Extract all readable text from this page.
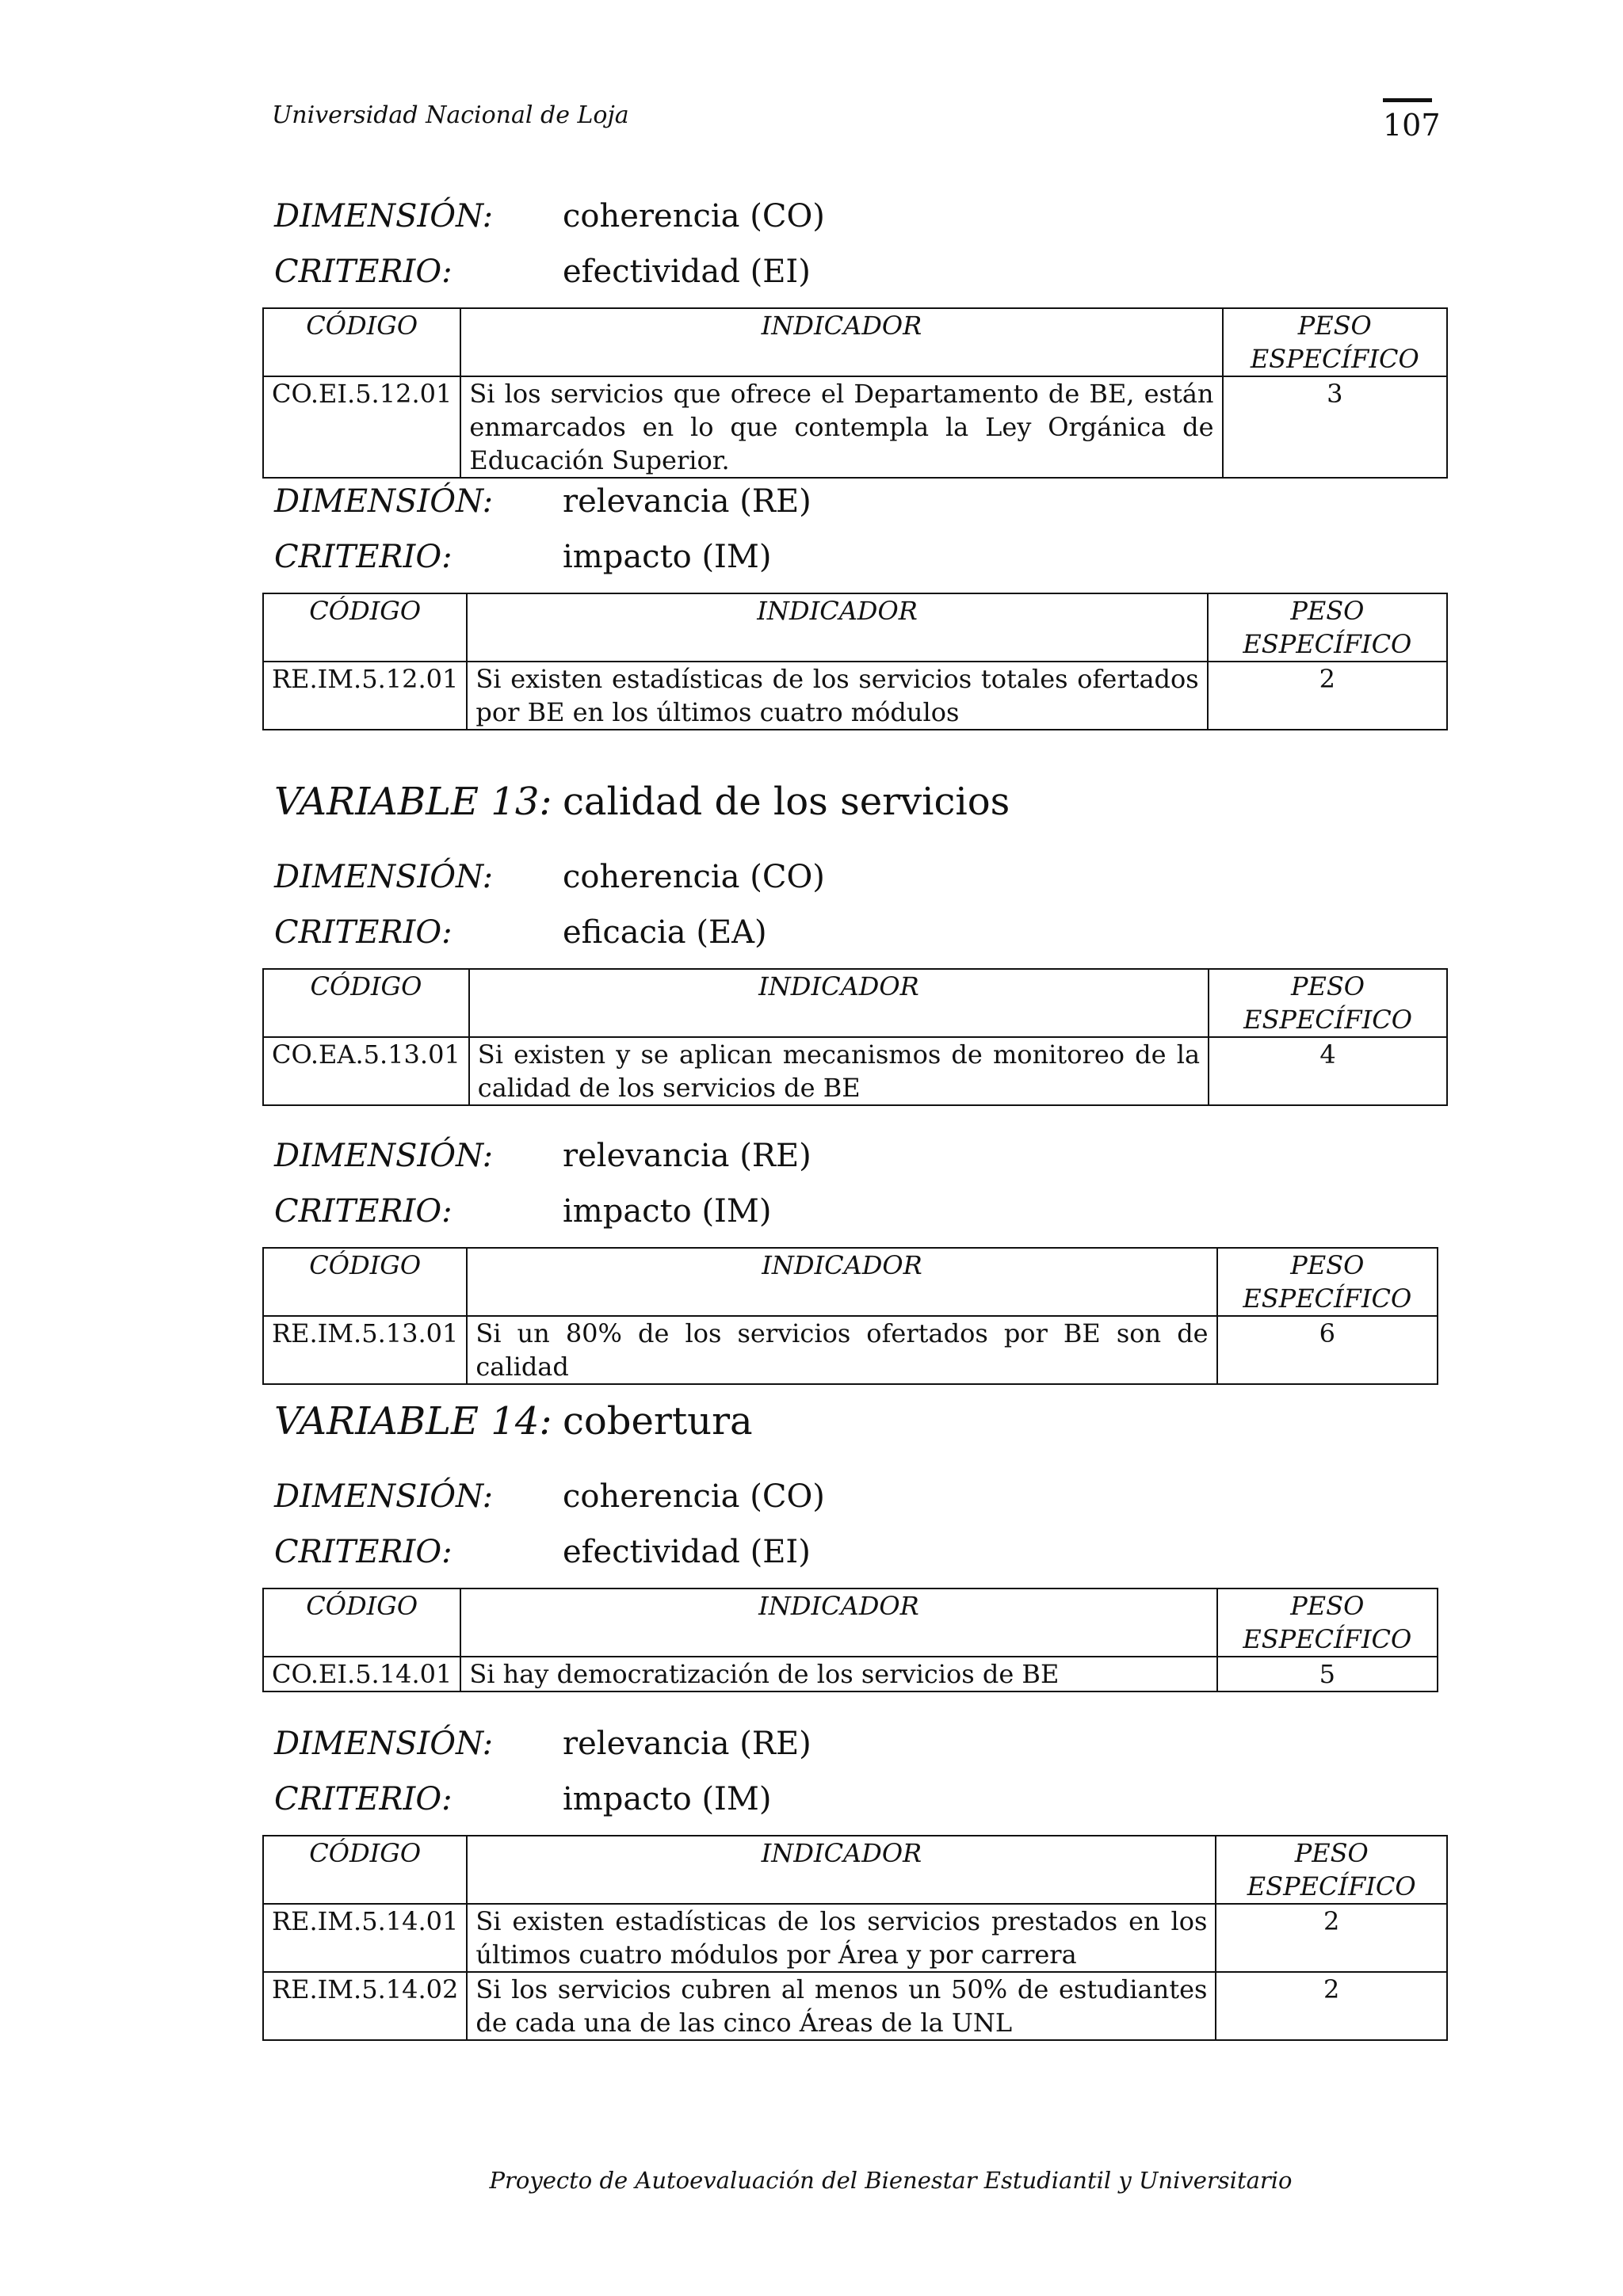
Universidad Nacional de Loja	107
DIMENSIÓN: coherencia (CO)
CRITERIO:	efectividad (EI)
CÓDIGO	INDICADOR	PESO
ESPECÍFICO
CO.EI.5.12.01	Si los servicios que ofrece el Departamento de BE, están enmarcados en lo que contempla la Ley Orgánica de Educación Superior.	3
DIMENSIÓN: relevancia (RE)
CRITERIO:	impacto (IM)
CÓDIGO	INDICADOR	PESO
ESPECÍFICO
RE.IM.5.12.01	Si existen estadísticas de los servicios totales ofertados por BE en los últimos cuatro módulos	2
VARIABLE 13: calidad de los servicios
DIMENSIÓN: coherencia (CO)
CRITERIO:	eficacia (EA)
CÓDIGO	INDICADOR	PESO
ESPECÍFICO
CO.EA.5.13.01	Si existen y se aplican mecanismos de monitoreo de la calidad de los servicios de BE	4
DIMENSIÓN: relevancia (RE)
CRITERIO:	impacto (IM)
CÓDIGO	INDICADOR	PESO
ESPECÍFICO
RE.IM.5.13.01	Si un 80% de los servicios ofertados por BE son de calidad	6
VARIABLE 14: cobertura
DIMENSIÓN: coherencia (CO)
CRITERIO:	efectividad (EI)
CÓDIGO	INDICADOR	PESO
ESPECÍFICO
CO.EI.5.14.01	Si hay democratización de los servicios de BE	5
DIMENSIÓN: relevancia (RE)
CRITERIO:	impacto (IM)
CÓDIGO	INDICADOR	PESO
ESPECÍFICO
RE.IM.5.14.01	Si existen estadísticas de los servicios prestados en los últimos cuatro módulos por Área y por carrera	2
RE.IM.5.14.02	Si los servicios cubren al menos un 50% de estudiantes de cada una de las cinco Áreas de la UNL	2
Proyecto de Autoevaluación del Bienestar Estudiantil y Universitario
